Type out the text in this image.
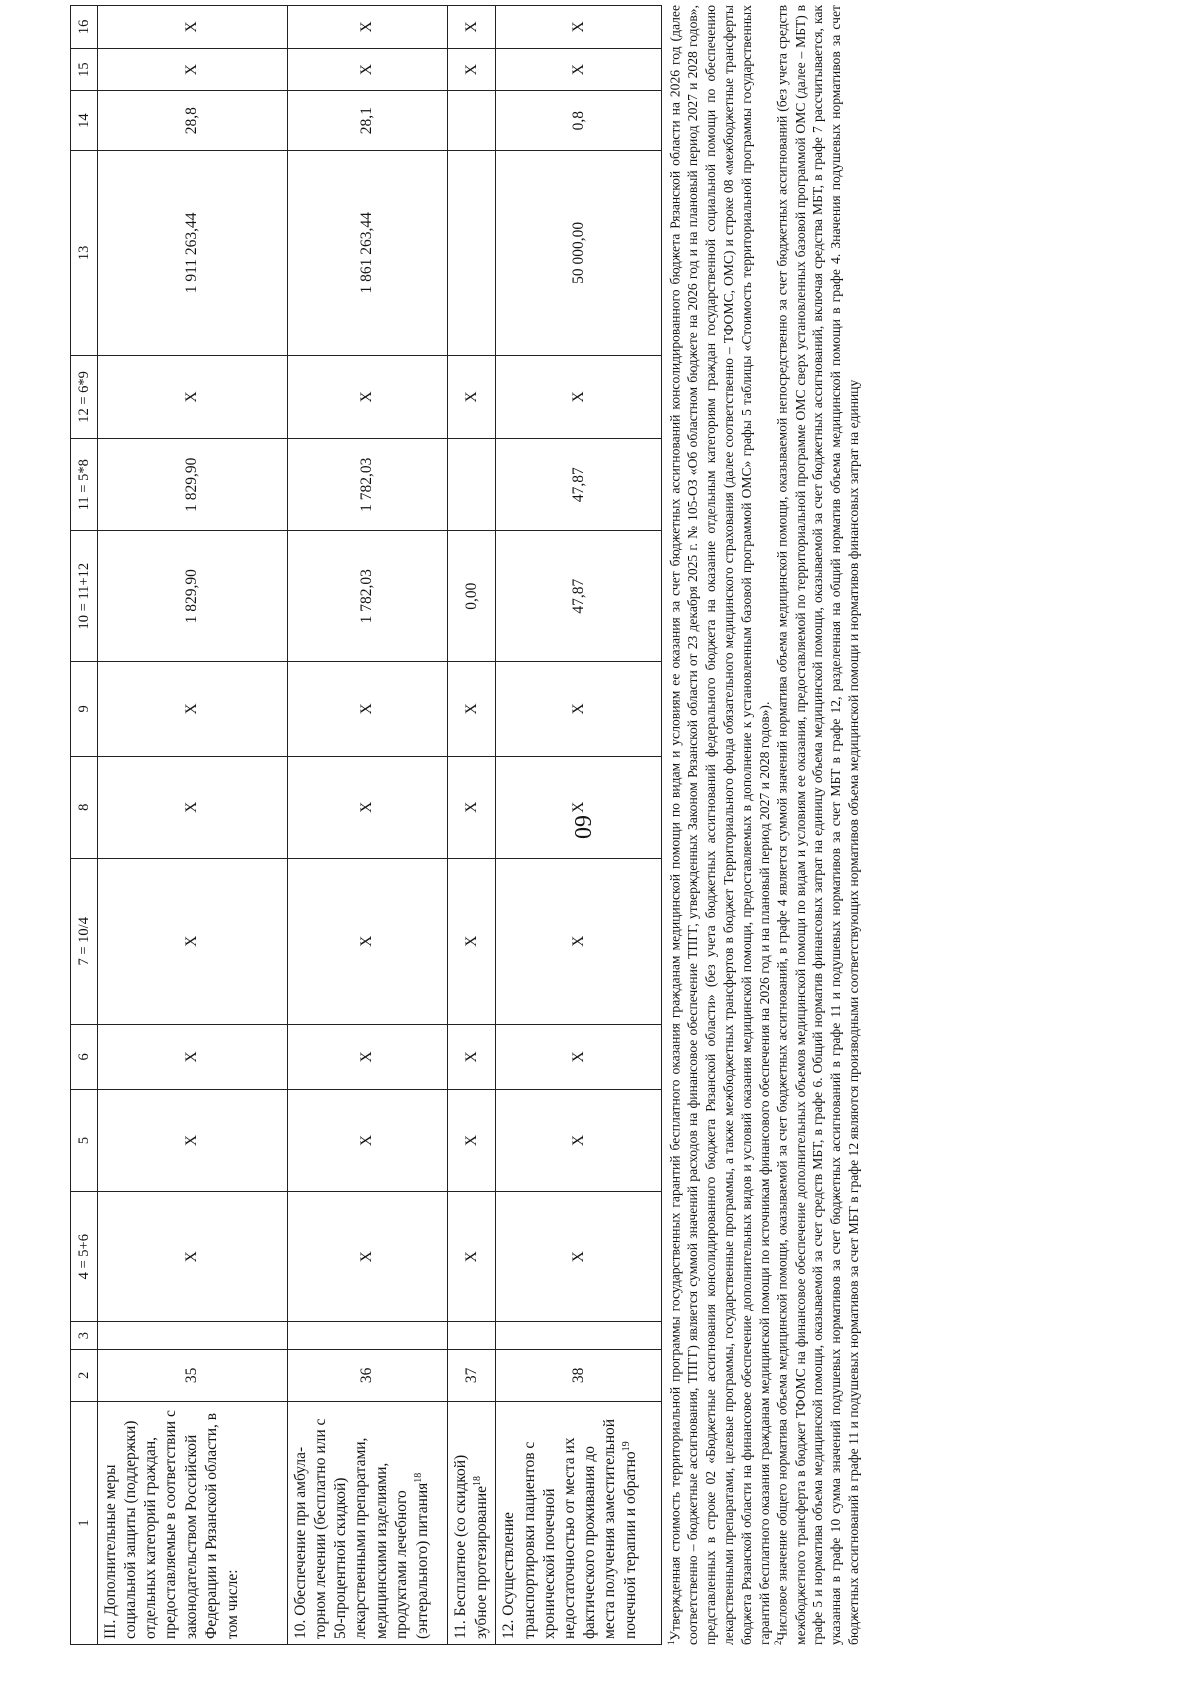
60
1	2	3	4 = 5+6	5	6	7 = 10/4	8	9	10 = 11+12	11 = 5*8	12 = 6*9	13	14	15	16
III. Дополнительные меры социальной защиты (поддержки) отдельных категорий граждан, предоставляемые в соответствии с законодательством Российской Федерации и Рязанской области, в том числе:	35		X	X	X	X	X	X	1 829,90	1 829,90	X	1 911 263,44	28,8	X	X
10. Обеспечение при амбула-торном лечении (бесплатно или с 50-процентной скидкой) лекарственными препаратами, медицинскими изделиями, продуктами лечебного (энтерального) питания$^{18}$	36		X	X	X	X	X	X	1 782,03	1 782,03	X	1 861 263,44	28,1	X	X
11. Бесплатное (со скидкой) зубное протезирование$^{18}$	37		X	X	X	X	X	X	0,00		X			X	X
12. Осуществление транспортировки пациентов с хронической почечной недостаточностью от места их фактического проживания до места получения заместительной почечной терапии и обратно$^{19}$	38		X	X	X	X	X	X	47,87	47,87	X	50 000,00	0,8	X	X

$^1$Утвержденная стоимость территориальной программы государственных гарантий бесплатного оказания гражданам медицинской помощи по видам и условиям ее оказания за счет бюджетных ассигнований консолидированного бюджета Рязанской области на 2026 год (далее соответственно – бюджетные ассигнования, ТПГГ) является суммой значений расходов на финансовое обеспечение ТПГГ, утвержденных Законом Рязанской области от 23 декабря 2025 г. № 105-ОЗ «Об областном бюджете на 2026 год и на плановый период 2027 и 2028 годов», представленных в строке 02 «Бюджетные ассигнования консолидированного бюджета Рязанской области» (без учета бюджетных ассигнований федерального бюджета на оказание отдельным категориям граждан государственной социальной помощи по обеспечению лекарственными препаратами, целевые программы, государственные программы, а также межбюджетных трансфертов в бюджет Территориального фонда обязательного медицинского страхования (далее соответственно – ТФОМС, ОМС) и строке 08 «межбюджетные трансферты бюджета Рязанской области на финансовое обеспечение дополнительных видов и условий оказания медицинской помощи, предоставляемых в дополнение к установленным базовой программой ОМС» графы 5 таблицы «Стоимость территориальной программы государственных гарантий бесплатного оказания гражданам медицинской помощи по источникам финансового обеспечения на 2026 год и на плановый период 2027 и 2028 годов»). $^2$Числовое значение общего норматива объема медицинской помощи, оказываемой за счет бюджетных ассигнований, в графе 4 является суммой значений норматива объема медицинской помощи, оказываемой непосредственно за счет бюджетных ассигнований (без учета средств межбюджетного трансферта в бюджет ТФОМС на финансовое обеспечение дополнительных объемов медицинской помощи по видам и условиям ее оказания, предоставляемой по территориальной программе ОМС сверх установленных базовой программой ОМС (далее – МБТ) в графе 5 и норматива объема медицинской помощи, оказываемой за счет средств МБТ, в графе 6. Общий норматив финансовых затрат на единицу объема медицинской помощи, оказываемой за счет бюджетных ассигнований, включая средства МБТ, в графе 7 рассчитывается, как указанная в графе 10 сумма значений подушевых нормативов за счет бюджетных ассигнований в графе 11 и подушевых нормативов за счет МБТ в графе 12, разделенная на общий норматив объема медицинской помощи в графе 4. Значения подушевых нормативов за счет бюджетных ассигнований в графе 11 и подушевых нормативов за счет МБТ в графе 12 являются производными соответствующих нормативов объема медицинской помощи и нормативов финансовых затрат на единицу
